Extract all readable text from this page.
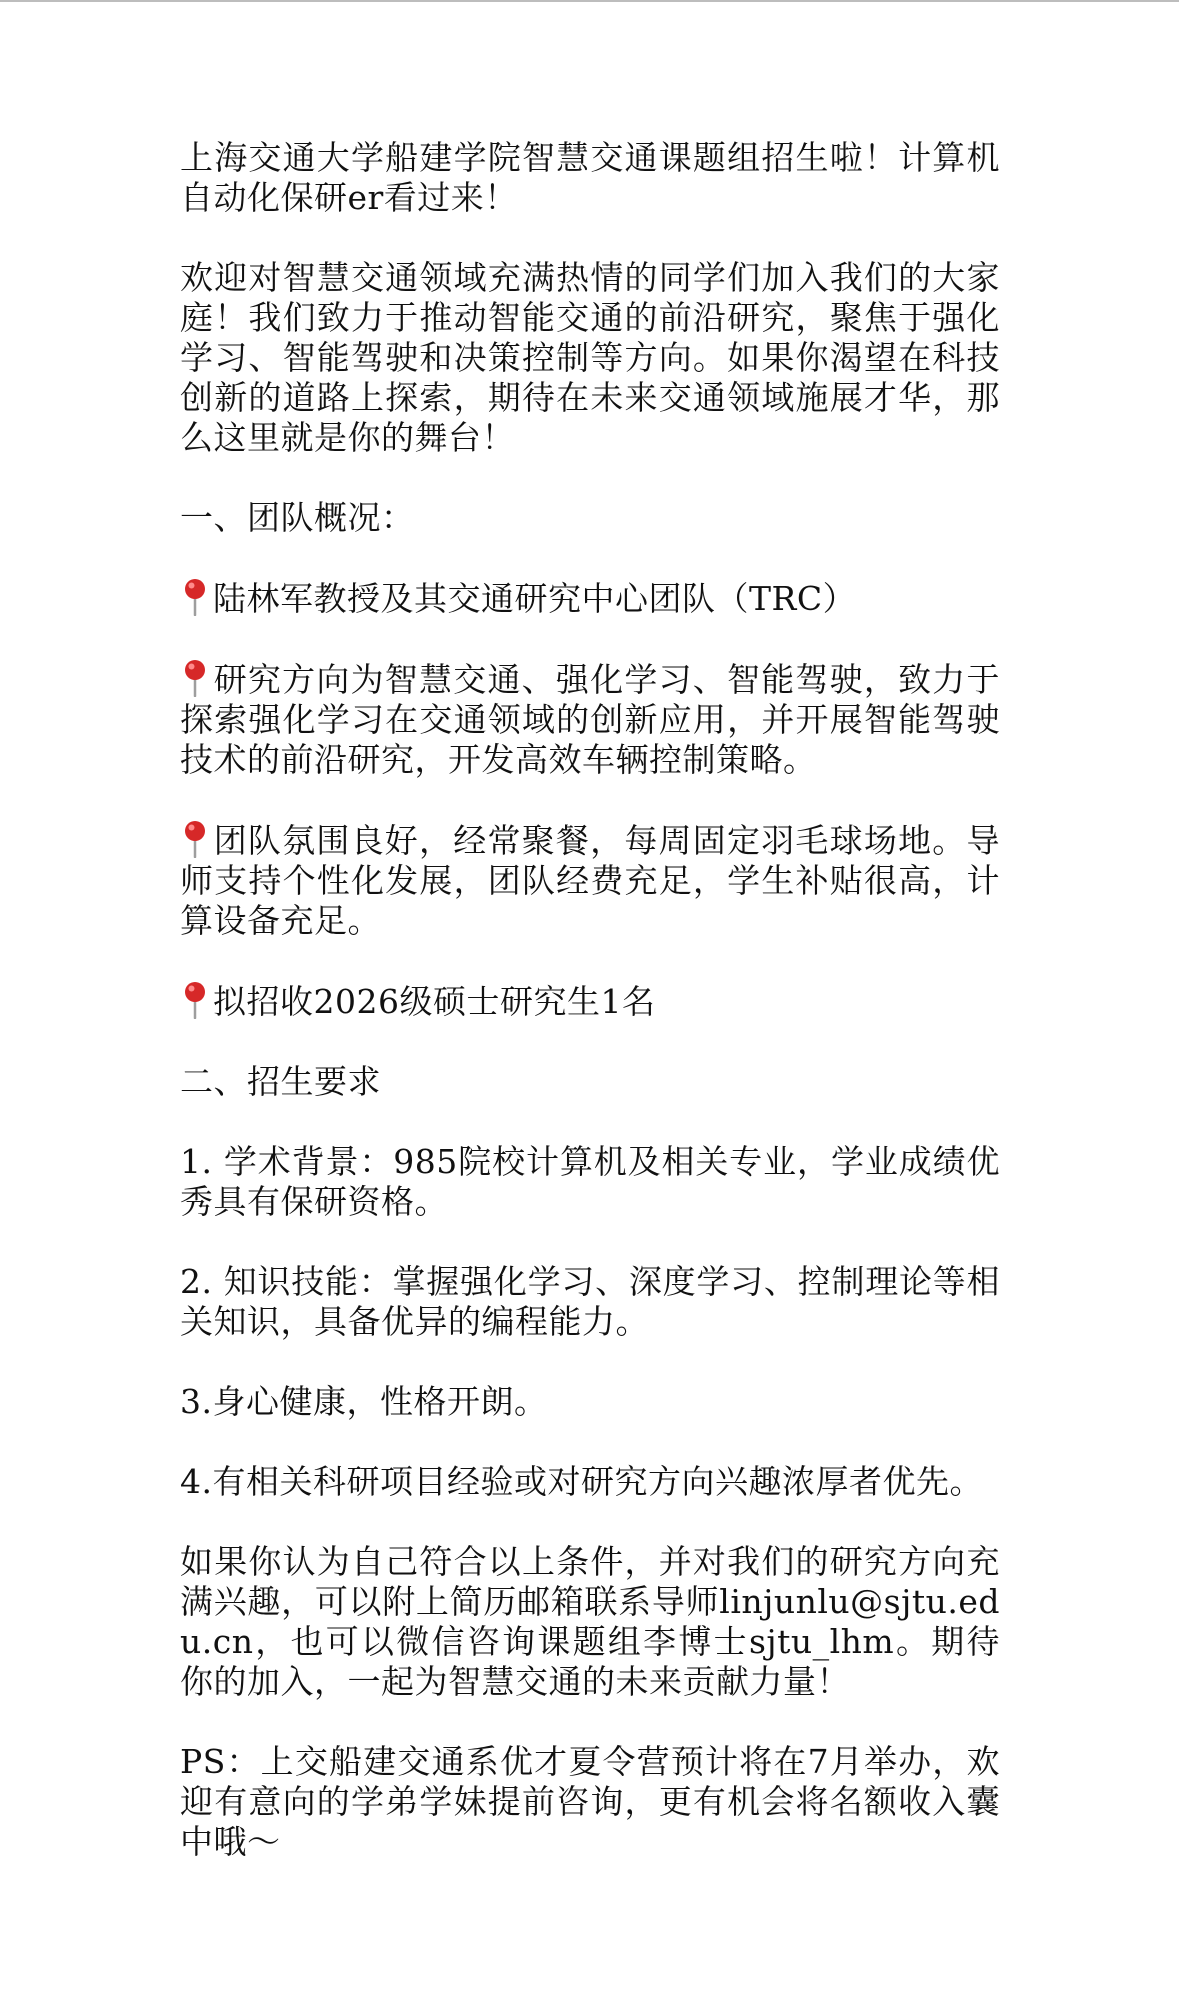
上海交通大学船建学院智慧交通课题组招生啦！计算机自动化保研er看过来！

欢迎对智慧交通领域充满热情的同学们加入我们的大家庭！我们致力于推动智能交通的前沿研究，聚焦于强化学习、智能驾驶和决策控制等方向。如果你渴望在科技创新的道路上探索，期待在未来交通领域施展才华，那么这里就是你的舞台！

一、团队概况：

陆林军教授及其交通研究中心团队（TRC）

研究方向为智慧交通、强化学习、智能驾驶，致力于探索强化学习在交通领域的创新应用，并开展智能驾驶技术的前沿研究，开发高效车辆控制策略。

团队氛围良好，经常聚餐，每周固定羽毛球场地。导师支持个性化发展，团队经费充足，学生补贴很高，计算设备充足。

拟招收2026级硕士研究生1名

二、招生要求

1. 学术背景：985院校计算机及相关专业，学业成绩优秀具有保研资格。

2. 知识技能：掌握强化学习、深度学习、控制理论等相关知识，具备优异的编程能力。

3.身心健康，性格开朗。

4.有相关科研项目经验或对研究方向兴趣浓厚者优先。

如果你认为自己符合以上条件，并对我们的研究方向充满兴趣，可以附上简历邮箱联系导师linjunlu@sjtu.edu.cn，也可以微信咨询课题组李博士sjtu_lhm。期待你的加入，一起为智慧交通的未来贡献力量！

PS：上交船建交通系优才夏令营预计将在7月举办，欢迎有意向的学弟学妹提前咨询，更有机会将名额收入囊中哦～
